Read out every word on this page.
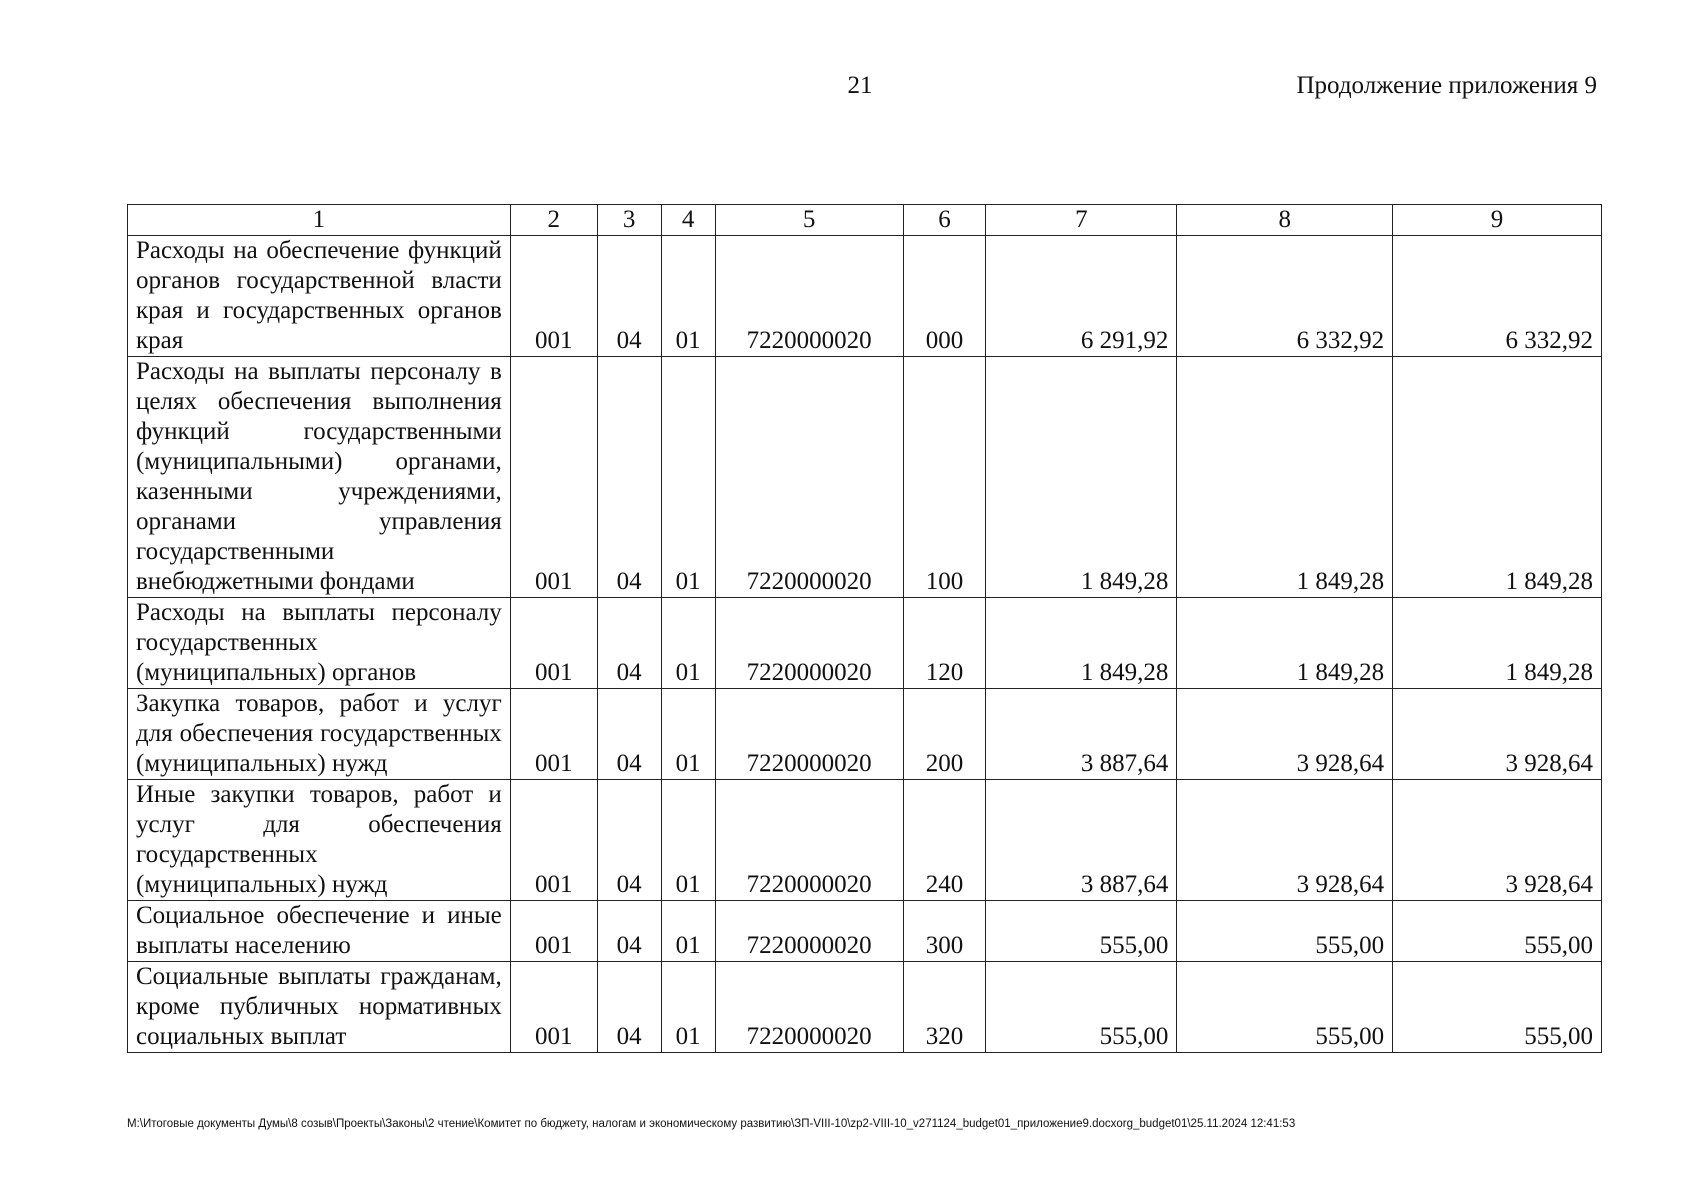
21	Продолжение приложения 9
1	2	3	4	5	6	7	8	9
Расходы на обеспечение функций органов государственной власти края и государственных органов края	001	04	01	7220000020	000	6 291,92	6 332,92	6 332,92
Расходы на выплаты персоналу в целях обеспечения выполнения функций государственными (муниципальными) органами, казенными учреждениями, органами управления государственными внебюджетными фондами	001	04	01	7220000020	100	1 849,28	1 849,28	1 849,28
Расходы на выплаты персоналу государственных (муниципальных) органов	001	04	01	7220000020	120	1 849,28	1 849,28	1 849,28
Закупка товаров, работ и услуг для обеспечения государственных (муниципальных) нужд	001	04	01	7220000020	200	3 887,64	3 928,64	3 928,64
Иные закупки товаров, работ и услуг для обеспечения государственных (муниципальных) нужд	001	04	01	7220000020	240	3 887,64	3 928,64	3 928,64
Социальное обеспечение и иные выплаты населению	001	04	01	7220000020	300	555,00	555,00	555,00
Социальные выплаты гражданам, кроме публичных нормативных социальных выплат	001	04	01	7220000020	320	555,00	555,00	555,00
M:\Итоговые документы Думы\8 созыв\Проекты\Законы\2 чтение\Комитет по бюджету, налогам и экономическому развитию\ЗП-VIII-10\zp2-VIII-10_v271124_budget01_приложение9.docxorg_budget01\25.11.2024 12:41:53
